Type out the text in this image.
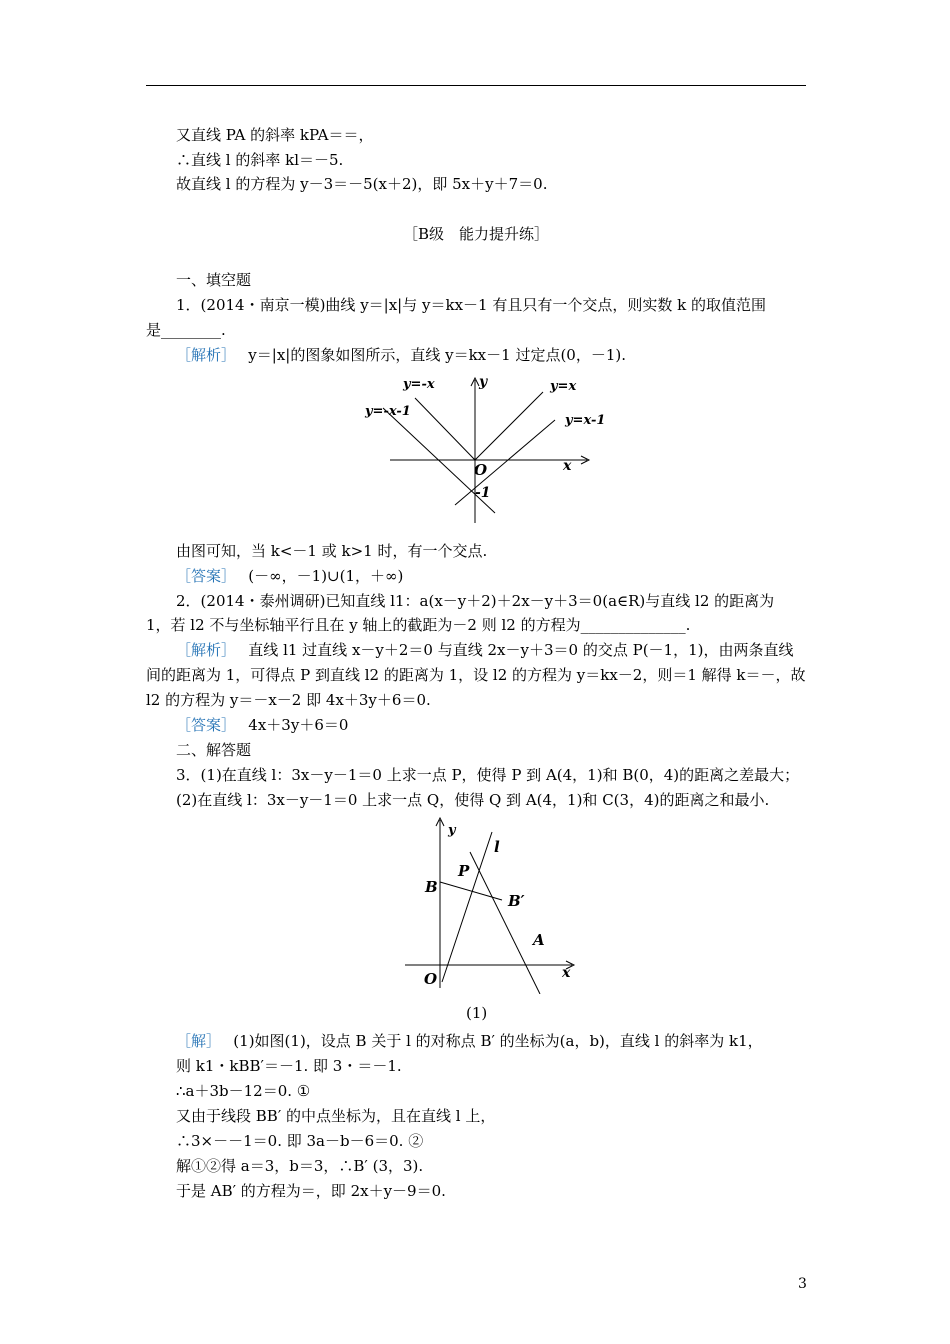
又直线 PA 的斜率 kPA＝＝，
∴直线 l 的斜率 kl＝－5.
故直线 l 的方程为 y－3＝－5(x＋2)，即 5x＋y＋7＝0.
［B级　能力提升练］
一、填空题
1．(2014・南京一模)曲线 y＝|x|与 y＝kx－1 有且只有一个交点，则实数 k 的取值范围
是________.
［解析］　 y＝|x|的图象如图所示，直线 y＝kx－1 过定点(0，－1).
y=-x	y	y=x
y=-x-1
y=x-1
O	x
-1
由图可知，当 k<－1 或 k>1 时，有一个交点.
［答案］　 (－∞，－1)∪(1，＋∞)
2．(2014・泰州调研)已知直线 l1：a(x－y＋2)＋2x－y＋3＝0(a∈R)与直线 l2 的距离为
1，若 l2 不与坐标轴平行且在 y 轴上的截距为－2 则 l2 的方程为______________.
［解析］　 直线 l1 过直线 x－y＋2＝0 与直线 2x－y＋3＝0 的交点 P(－1，1)，由两条直线
间的距离为 1，可得点 P 到直线 l2 的距离为 1，设 l2 的方程为 y＝kx－2，则＝1 解得 k＝－，故
l2 的方程为 y＝－x－2 即 4x＋3y＋6＝0.
［答案］　 4x＋3y＋6＝0
二、解答题
3．(1)在直线 l：3x－y－1＝0 上求一点 P，使得 P 到 A(4，1)和 B(0，4)的距离之差最大；
(2)在直线 l：3x－y－1＝0 上求一点 Q，使得 Q 到 A(4，1)和 C(3，4)的距离之和最小.
y
l
P
B
B′
A
O	x
(1)
［解］　 (1)如图(1)，设点 B 关于 l 的对称点 B′ 的坐标为(a，b)，直线 l 的斜率为 k1，
则 k1・kBB′＝－1. 即 3・＝－1.
∴a＋3b－12＝0. ①
又由于线段 BB′ 的中点坐标为，且在直线 l 上，
∴3×－－1＝0. 即 3a－b－6＝0. ②
解①②得 a＝3，b＝3，∴B′ (3，3).
于是 AB′ 的方程为＝，即 2x＋y－9＝0.
3
